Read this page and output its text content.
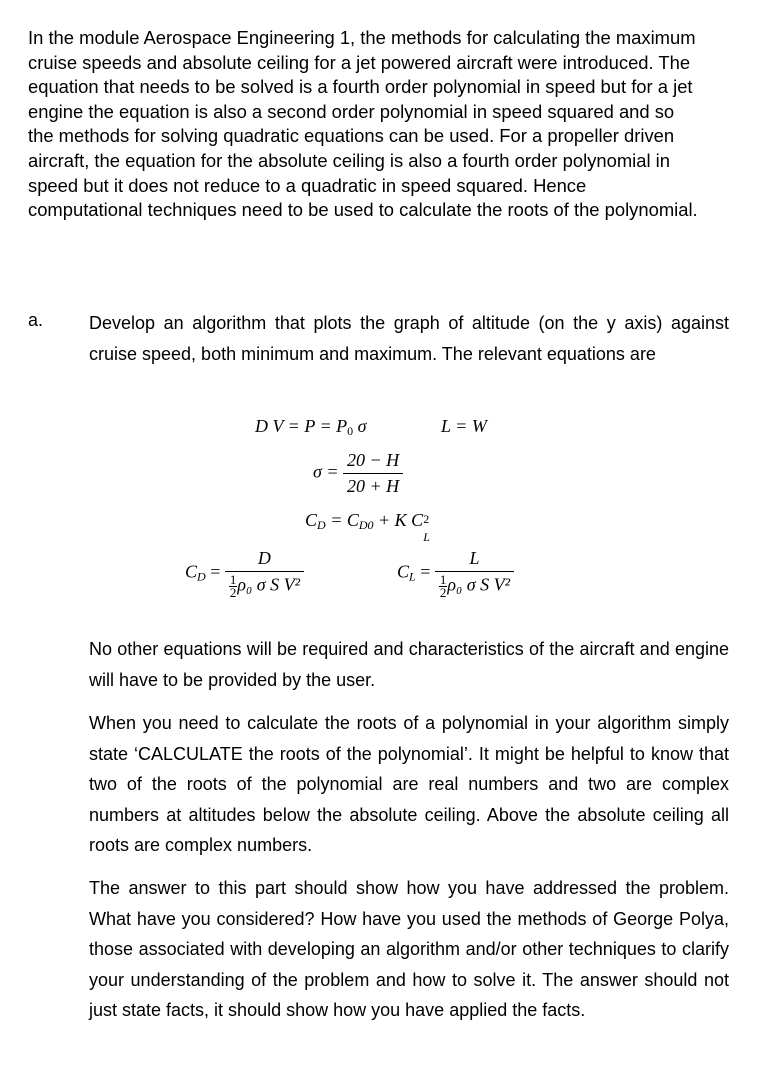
In the module Aerospace Engineering 1, the methods for calculating the maximum
cruise speeds and absolute ceiling for a jet powered aircraft were introduced. The
equation that needs to be solved is a fourth order polynomial in speed but for a jet
engine the equation is also a second order polynomial in speed squared and so
the methods for solving quadratic equations can be used. For a propeller driven
aircraft, the equation for the absolute ceiling is also a fourth order polynomial in
speed but it does not reduce to a quadratic in speed squared. Hence
computational techniques need to be used to calculate the roots of the polynomial.
a.	Develop an algorithm that plots the graph of altitude (on the y axis) against cruise speed, both minimum and maximum. The relevant equations are
D $V = P = P_0$ σ	L = W
$\sigma = \frac{20 - H}{20 + H}$
$C_D = C_{D0} + K$ C 2
L
$C_D = \frac{D}{\frac{1}{2} \rho_0 \sigma S V^2}$	$C_L = \frac{L}{\frac{1}{2} \rho_0 \sigma S V^2}$
No other equations will be required and characteristics of the aircraft and engine will have to be provided by the user.
When you need to calculate the roots of a polynomial in your algorithm simply state ‘CALCULATE the roots of the polynomial’. It might be helpful to know that two of the roots of the polynomial are real numbers and two are complex numbers at altitudes below the absolute ceiling. Above the absolute ceiling all roots are complex numbers.
The answer to this part should show how you have addressed the problem. What have you considered? How have you used the methods of George Polya, those associated with developing an algorithm and/or other techniques to clarify your understanding of the problem and how to solve it. The answer should not just state facts, it should show how you have applied the facts.
